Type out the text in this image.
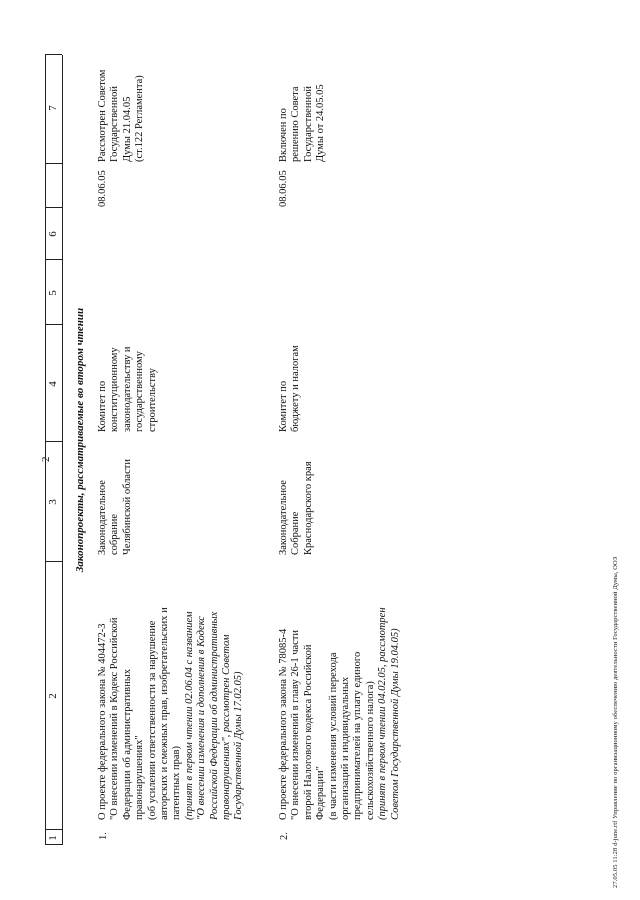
2
1
2
3
4
5
6
7
Законопроекты, рассматриваемые во втором чтении
1.

О проекте федерального закона № 404472-3 "О внесении изменений в Кодекс Российской Федерации об административных правонарушениях" (об усилении ответственности за нарушение авторских и смежных прав, изобретательских и патентных прав) (принят в первом чтении 02.06.04 с названием "О внесении изменения и дополнения в Кодекс Российской Федерации об административных правонарушениях", рассмотрен Советом Государственной Думы 17.02.05)

Законодательное собрание Челябинской области

Комитет по конституционному законодательству и государственному строительству

08.06.05

Рассмотрен Советом Государственной Думы 21.04.05 (ст.122 Регламента)

2.

О проекте федерального закона № 78085-4 "О внесении изменений в главу 26-1 части второй Налогового кодекса Российской Федерации" (в части изменения условий перехода организаций и индивидуальных предпринимателей на уплату единого сельскохозяйственного налога) (принят в первом чтении 04.02.05, рассмотрен Советом Государственной Думы 19.04.05)

Законодательное Собрание Краснодарского края

Комитет по бюджету и налогам

08.06.05

Включен по решению Совета Государственной Думы от 24.05.05

27.05.05 11:28 d-june.rtf Управление по организационному обеспечению деятельности Государственной Думы, ООЗ
